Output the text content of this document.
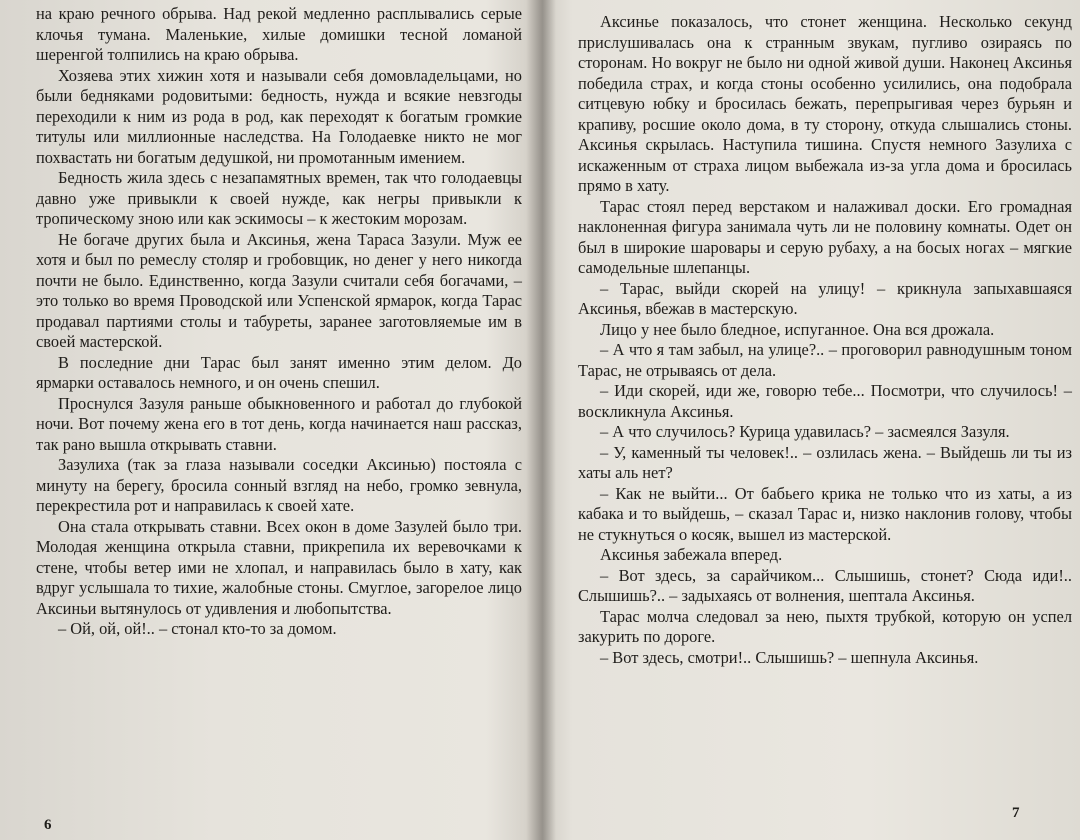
на краю речного обрыва. Над рекой медленно расплывались серые клочья тумана. Маленькие, хилые домишки тесной ломаной шеренгой толпились на краю обрыва.

Хозяева этих хижин хотя и называли себя домовладельцами, но были бедняками родовитыми: бедность, нужда и всякие невзгоды переходили к ним из рода в род, как переходят к богатым громкие титулы или миллионные наследства. На Голодаевке никто не мог похвастать ни богатым дедушкой, ни промотанным имением.

Бедность жила здесь с незапамятных времен, так что голодаевцы давно уже привыкли к своей нужде, как негры привыкли к тропическому зною или как эскимосы – к жестоким морозам.

Не богаче других была и Аксинья, жена Тараса Зазули. Муж ее хотя и был по ремеслу столяр и гробовщик, но денег у него никогда почти не было. Единственно, когда Зазули считали себя богачами, – это только во время Проводской или Успенской ярмарок, когда Тарас продавал партиями столы и табуреты, заранее заготовляемые им в своей мастерской.

В последние дни Тарас был занят именно этим делом. До ярмарки оставалось немного, и он очень спешил.

Проснулся Зазуля раньше обыкновенного и работал до глубокой ночи. Вот почему жена его в тот день, когда начинается наш рассказ, так рано вышла открывать ставни.

Зазулиха (так за глаза называли соседки Аксинью) постояла с минуту на берегу, бросила сонный взгляд на небо, громко зевнула, перекрестила рот и направилась к своей хате.

Она стала открывать ставни. Всех окон в доме Зазулей было три. Молодая женщина открыла ставни, прикрепила их веревочками к стене, чтобы ветер ими не хлопал, и направилась было в хату, как вдруг услышала то тихие, жалобные стоны. Смуглое, загорелое лицо Аксиньи вытянулось от удивления и любопытства.

– Ой, ой, ой!.. – стонал кто-то за домом.

6

Аксинье показалось, что стонет женщина. Несколько секунд прислушивалась она к странным звукам, пугливо озираясь по сторонам. Но вокруг не было ни одной живой души. Наконец Аксинья победила страх, и когда стоны особенно усилились, она подобрала ситцевую юбку и бросилась бежать, перепрыгивая через бурьян и крапиву, росшие около дома, в ту сторону, откуда слышались стоны. Аксинья скрылась. Наступила тишина. Спустя немного Зазулиха с искаженным от страха лицом выбежала из-за угла дома и бросилась прямо в хату.

Тарас стоял перед верстаком и налаживал доски. Его громадная наклоненная фигура занимала чуть ли не половину комнаты. Одет он был в широкие шаровары и серую рубаху, а на босых ногах – мягкие самодельные шлепанцы.

– Тарас, выйди скорей на улицу! – крикнула запыхавшаяся Аксинья, вбежав в мастерскую.

Лицо у нее было бледное, испуганное. Она вся дрожала.

– А что я там забыл, на улице?.. – проговорил равнодушным тоном Тарас, не отрываясь от дела.

– Иди скорей, иди же, говорю тебе... Посмотри, что случилось! – воскликнула Аксинья.

– А что случилось? Курица удавилась? – засмеялся Зазуля.

– У, каменный ты человек!.. – озлилась жена. – Выйдешь ли ты из хаты аль нет?

– Как не выйти... От бабьего крика не только что из хаты, а из кабака и то выйдешь, – сказал Тарас и, низко наклонив голову, чтобы не стукнуться о косяк, вышел из мастерской.

Аксинья забежала вперед.

– Вот здесь, за сарайчиком... Слышишь, стонет? Сюда иди!.. Слышишь?.. – задыхаясь от волнения, шептала Аксинья.

Тарас молча следовал за нею, пыхтя трубкой, которую он успел закурить по дороге.

– Вот здесь, смотри!.. Слышишь? – шепнула Аксинья.

7
